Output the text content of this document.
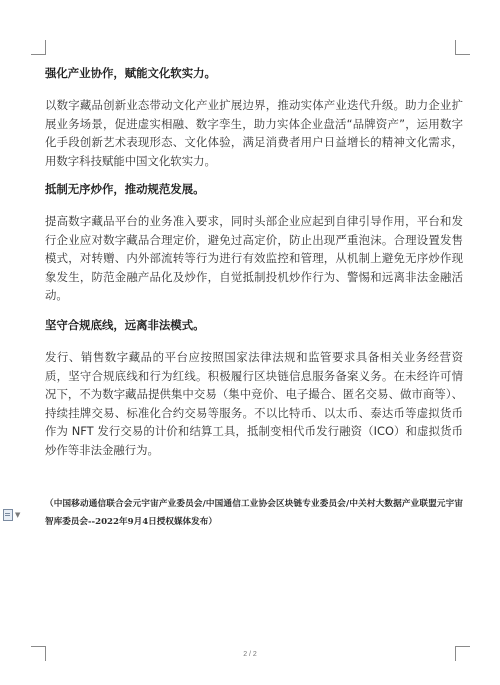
强化产业协作，赋能文化软实力。

以数字藏品创新业态带动文化产业扩展边界，推动实体产业迭代升级。助力企业扩展业务场景，促进虚实相融、数字孪生，助力实体企业盘活“品牌资产”，运用数字化手段创新艺术表现形态、文化体验，满足消费者用户日益增长的精神文化需求，用数字科技赋能中国文化软实力。

抵制无序炒作，推动规范发展。

提高数字藏品平台的业务准入要求，同时头部企业应起到自律引导作用，平台和发行企业应对数字藏品合理定价，避免过高定价，防止出现严重泡沫。合理设置发售模式，对转赠、内外部流转等行为进行有效监控和管理，从机制上避免无序炒作现象发生，防范金融产品化及炒作，自觉抵制投机炒作行为、警惕和远离非法金融活动。

坚守合规底线，远离非法模式。

发行、销售数字藏品的平台应按照国家法律法规和监管要求具备相关业务经营资质，坚守合规底线和行为红线。积极履行区块链信息服务备案义务。在未经许可情况下，不为数字藏品提供集中交易（集中竞价、电子撮合、匿名交易、做市商等）、持续挂牌交易、标准化合约交易等服务。不以比特币、以太币、泰达币等虚拟货币作为 NFT 发行交易的计价和结算工具，抵制变相代币发行融资（ICO）和虚拟货币炒作等非法金融行为。

（中国移动通信联合会元宇宙产业委员会/中国通信工业协会区块链专业委员会/中关村大数据产业联盟元宇宙智库委员会--2022年9月4日授权媒体发布）
▼
2 / 2
